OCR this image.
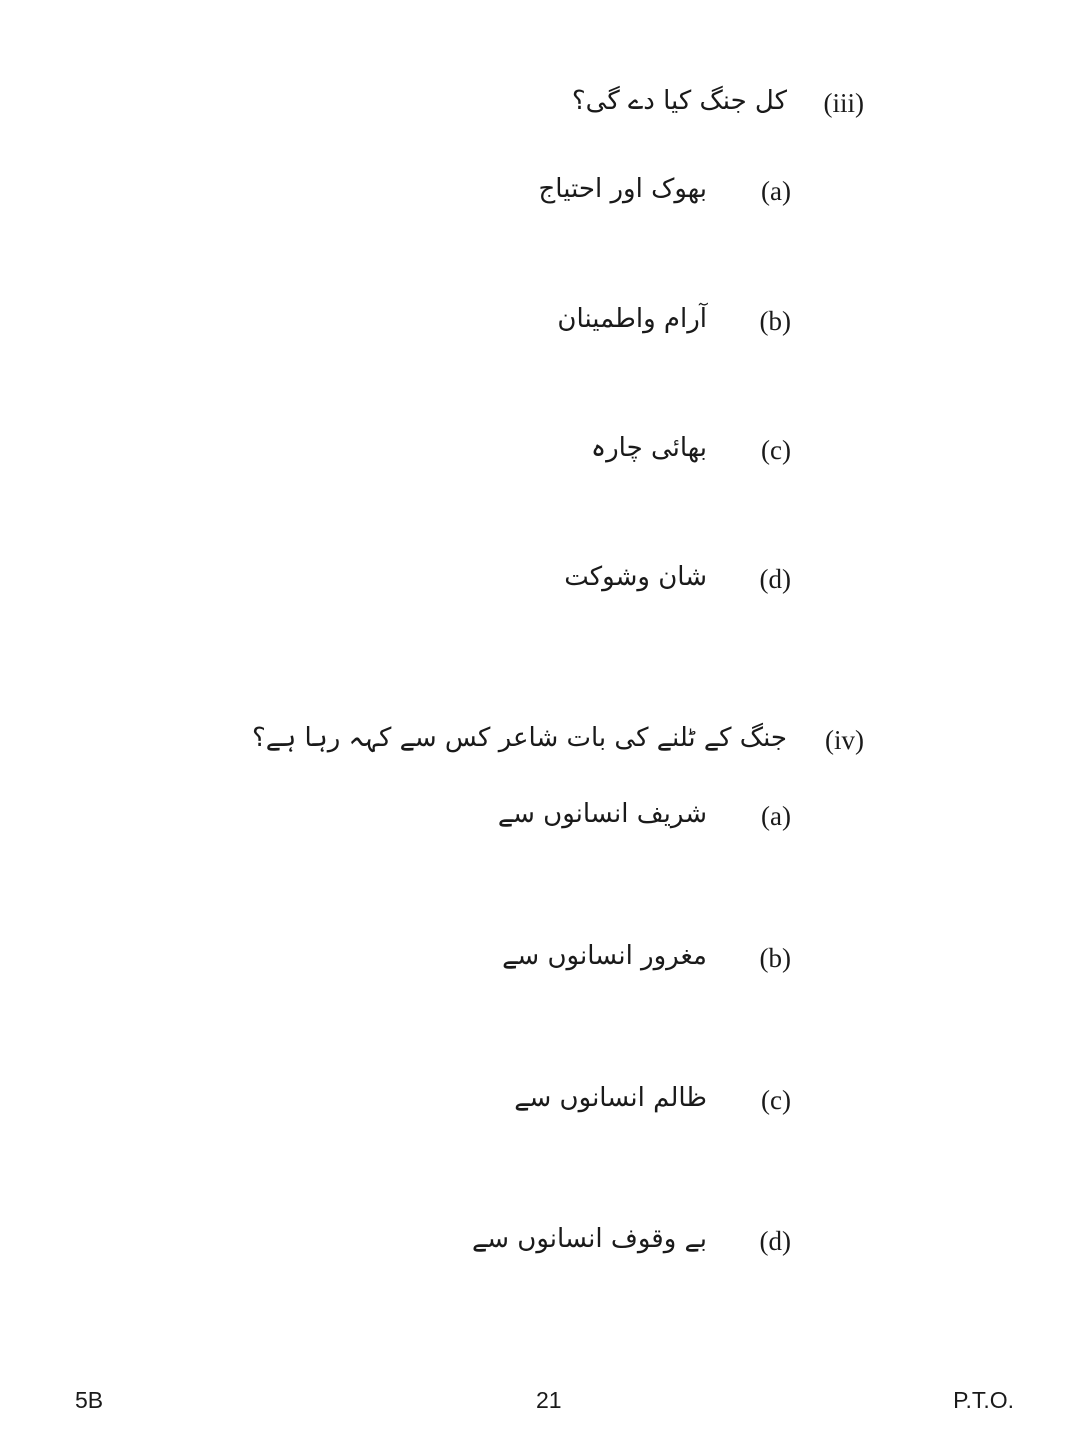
(iii)
کل جنگ کیا دے گی؟
(a)
بھوک اور احتیاج
(b)
آرام واطمینان
(c)
بھائی چارہ
(d)
شان وشوکت
(iv)
جنگ کے ٹلنے کی بات شاعر کس سے کہہ رہا ہے؟
(a)
شریف انسانوں سے
(b)
مغرور انسانوں سے
(c)
ظالم انسانوں سے
(d)
بے وقوف انسانوں سے
5B	21	P.T.O.
